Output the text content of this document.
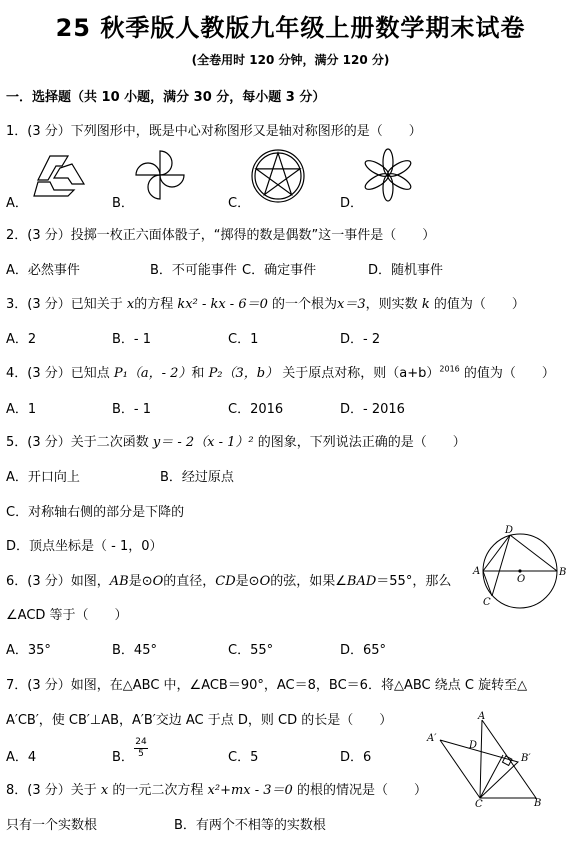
25 秋季版人教版九年级上册数学期末试卷
(全卷用时 120 分钟，满分 120 分)
一．选择题（共 10 小题，满分 30 分，每小题 3 分）
1．(3 分）下列图形中，既是中心对称图形又是轴对称图形的是（　　）
A．	B．	C．	D．
2．(3 分）投掷一枚正六面体骰子，“掷得的数是偶数”这一事件是（　　）
A．必然事件	B．不可能事件 C．确定事件	D．随机事件
3．(3 分）已知关于 x的方程 kx² - kx - 6＝0 的一个根为x＝3，则实数 k 的值为（　　）
A．2	B．- 1	C．1	D．- 2
4．(3 分）已知点 P₁（a，- 2）和 P₂（3，b） 关于原点对称，则$(a+b)^{2016}$ 的值为（　　）
A．1	B．- 1	C．2016	D．- 2016
5．(3 分）关于二次函数 y＝ - 2（x - 1）² 的图象，下列说法正确的是（　　）
A．开口向上	B．经过原点
C．对称轴右侧的部分是下降的
D．顶点坐标是（ - 1，0）
6．(3 分）如图，AB是⊙O的直径，CD是⊙O的弦，如果∠BAD＝55°，那么
∠ACD 等于（　　）
A．35°	B．45°	C．55°	D．65°
D
A
O
B
C
7．(3 分）如图，在△ABC 中，∠ACB＝90°，AC＝8，BC＝6．将△ABC 绕点 C 旋转至△
A′CB′，使 CB′⊥AB，A′B′交边 AC 于点 D，则 CD 的长是（　　）
A．4	B．
24
5	C．5	D．6
A
A′
D
B′
C	B
8．(3 分）关于 x 的一元二次方程 x²+mx - 3＝0 的根的情况是（　　）
只有一个实数根	B．有两个不相等的实数根
